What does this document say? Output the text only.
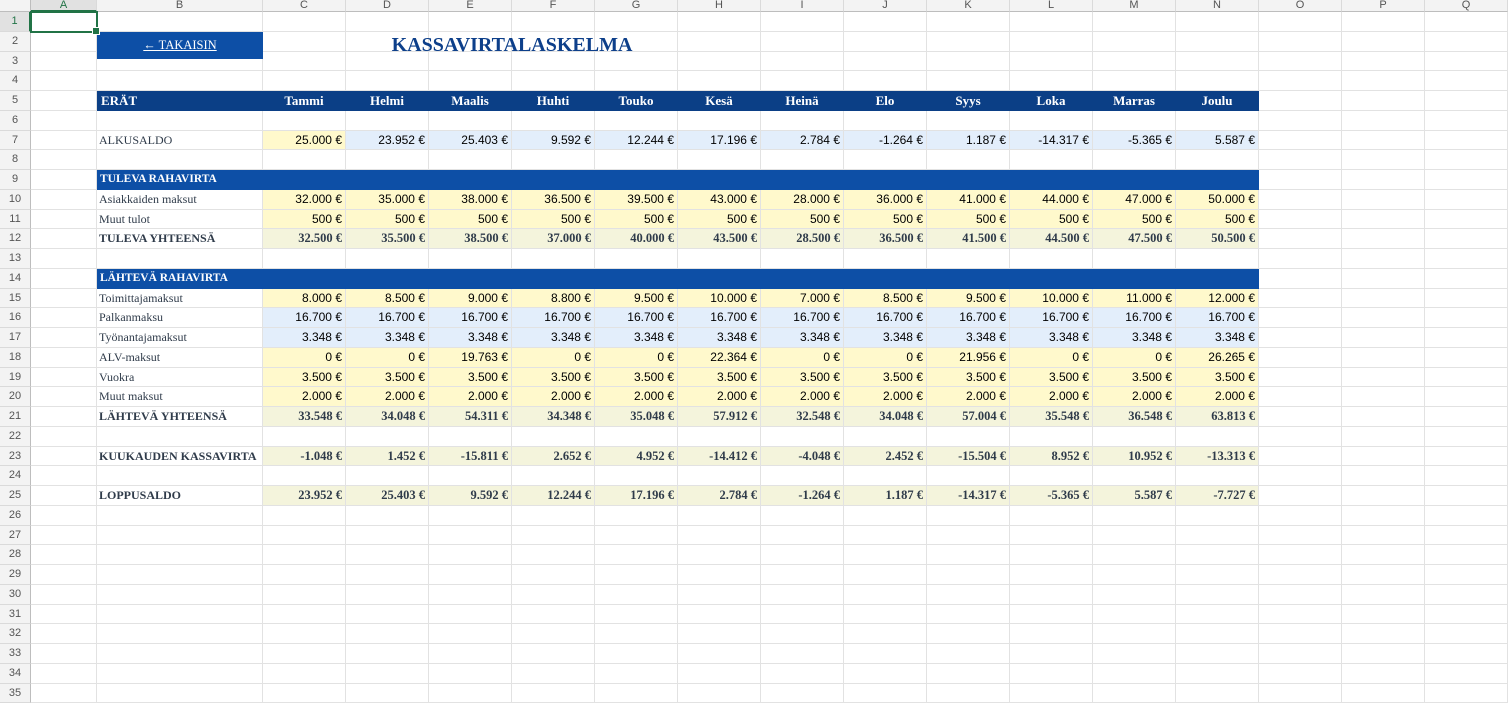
A	B	C	D	E	F	G	H	I	J	K	L	M	N	O	P	Q
1
2
3
4
5
6
7
8
9
10
11
12
13
14
15
16
17
18
19
20
21
22
23
24
25
26
27
28
29
30
31
32
33
34
35
← TAKAISIN	KASSAVIRTALASKELMA
ERÄT	Tammi	Helmi	Maalis	Huhti	Touko	Kesä	Heinä	Elo	Syys	Loka	Marras	Joulu
ALKUSALDO	25.000 €	23.952 €	25.403 €	9.592 €	12.244 €	17.196 €	2.784 €	-1.264 €	1.187 €	-14.317 €	-5.365 €	5.587 €
TULEVA RAHAVIRTA
Asiakkaiden maksut	32.000 €	35.000 €	38.000 €	36.500 €	39.500 €	43.000 €	28.000 €	36.000 €	41.000 €	44.000 €	47.000 €	50.000 €
Muut tulot	500 €	500 €	500 €	500 €	500 €	500 €	500 €	500 €	500 €	500 €	500 €	500 €
TULEVA YHTEENSÄ	32.500 €	35.500 €	38.500 €	37.000 €	40.000 €	43.500 €	28.500 €	36.500 €	41.500 €	44.500 €	47.500 €	50.500 €
LÄHTEVÄ RAHAVIRTA
Toimittajamaksut	8.000 €	8.500 €	9.000 €	8.800 €	9.500 €	10.000 €	7.000 €	8.500 €	9.500 €	10.000 €	11.000 €	12.000 €
Palkanmaksu	16.700 €	16.700 €	16.700 €	16.700 €	16.700 €	16.700 €	16.700 €	16.700 €	16.700 €	16.700 €	16.700 €	16.700 €
Työnantajamaksut	3.348 €	3.348 €	3.348 €	3.348 €	3.348 €	3.348 €	3.348 €	3.348 €	3.348 €	3.348 €	3.348 €	3.348 €
ALV-maksut	0 €	0 €	19.763 €	0 €	0 €	22.364 €	0 €	0 €	21.956 €	0 €	0 €	26.265 €
Vuokra	3.500 €	3.500 €	3.500 €	3.500 €	3.500 €	3.500 €	3.500 €	3.500 €	3.500 €	3.500 €	3.500 €	3.500 €
Muut maksut	2.000 €	2.000 €	2.000 €	2.000 €	2.000 €	2.000 €	2.000 €	2.000 €	2.000 €	2.000 €	2.000 €	2.000 €
LÄHTEVÄ YHTEENSÄ	33.548 €	34.048 €	54.311 €	34.348 €	35.048 €	57.912 €	32.548 €	34.048 €	57.004 €	35.548 €	36.548 €	63.813 €
KUUKAUDEN KASSAVIRTA	-1.048 €	1.452 €	-15.811 €	2.652 €	4.952 €	-14.412 €	-4.048 €	2.452 €	-15.504 €	8.952 €	10.952 €	-13.313 €
LOPPUSALDO	23.952 €	25.403 €	9.592 €	12.244 €	17.196 €	2.784 €	-1.264 €	1.187 €	-14.317 €	-5.365 €	5.587 €	-7.727 €
